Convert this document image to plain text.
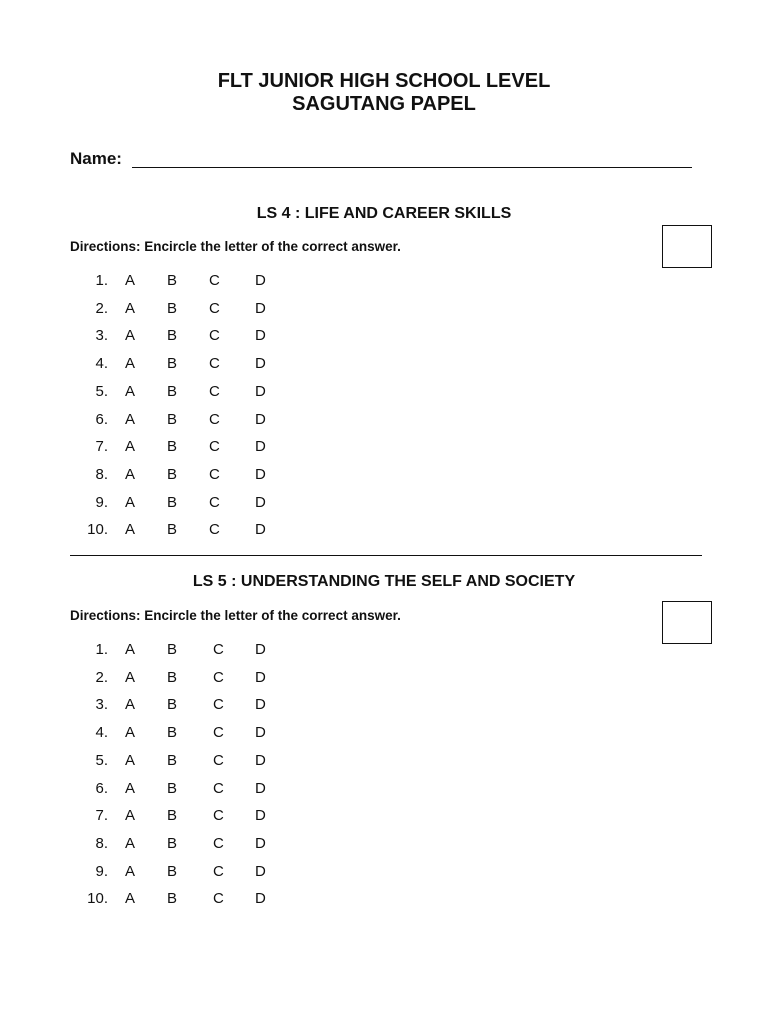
FLT JUNIOR HIGH SCHOOL LEVEL
SAGUTANG PAPEL
Name:
LS 4 : LIFE AND CAREER SKILLS
Directions: Encircle the letter of the correct answer.
1. A B C D
2. A B C D
3. A B C D
4. A B C D
5. A B C D
6. A B C D
7. A B C D
8. A B C D
9. A B C D
10. A B C D
LS 5 : UNDERSTANDING THE SELF AND SOCIETY
Directions: Encircle the letter of the correct answer.
1. A B C D
2. A B C D
3. A B C D
4. A B C D
5. A B C D
6. A B C D
7. A B C D
8. A B C D
9. A B C D
10. A B C D
